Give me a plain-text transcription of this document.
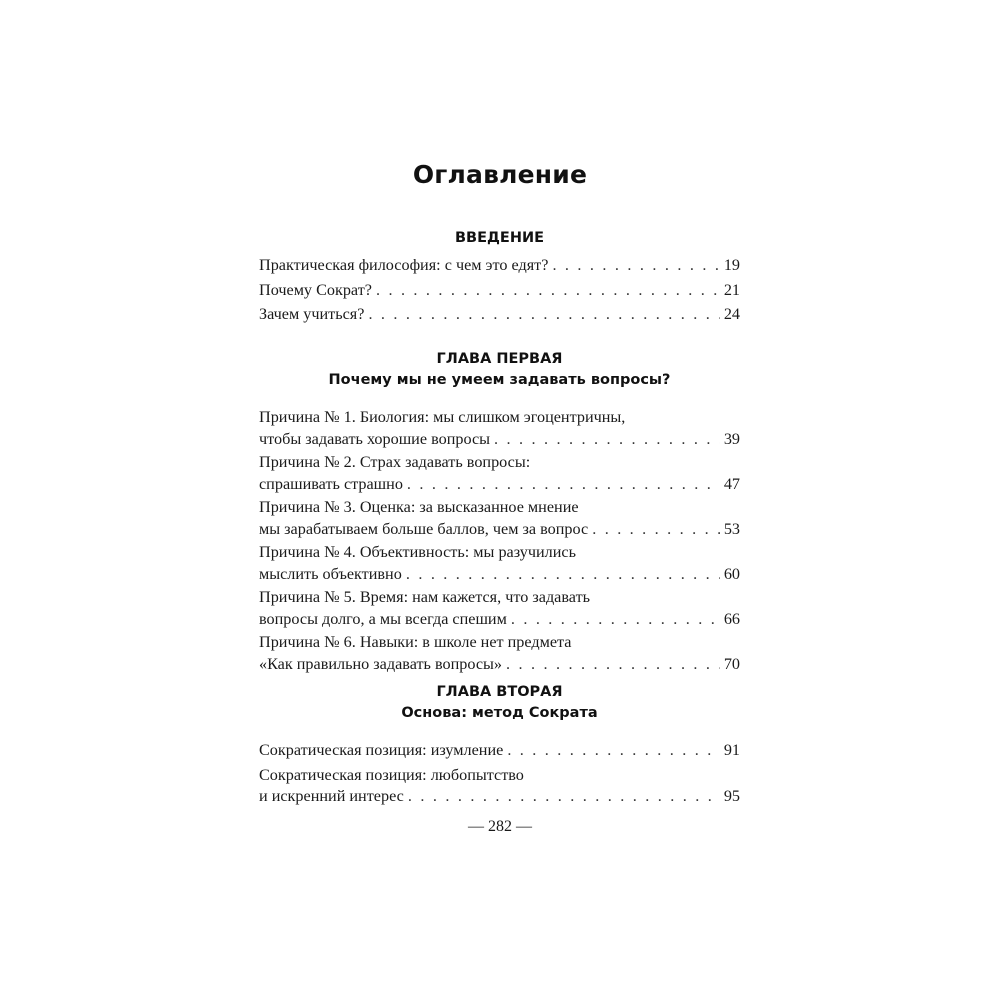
Оглавление
ВВЕДЕНИЕ
Практическая философия: с чем это едят? . . .	19
Почему Сократ? . . .	21
Зачем учиться? . . .	24
ГЛАВА ПЕРВАЯ
Почему мы не умеем задавать вопросы?
Причина № 1. Биология: мы слишком эгоцентричны,
чтобы задавать хорошие вопросы . . .	39
Причина № 2. Страх задавать вопросы:
спрашивать страшно . . .	47
Причина № 3. Оценка: за высказанное мнение
мы зарабатываем больше баллов, чем за вопрос . . .	53
Причина № 4. Объективность: мы разучились
мыслить объективно . . .	60
Причина № 5. Время: нам кажется, что задавать
вопросы долго, а мы всегда спешим . . .	66
Причина № 6. Навыки: в школе нет предмета
«Как правильно задавать вопросы» . . .	70
ГЛАВА ВТОРАЯ
Основа: метод Сократа
Сократическая позиция: изумление . . .	91
Сократическая позиция: любопытство
и искренний интерес . . .	95
— 282 —
